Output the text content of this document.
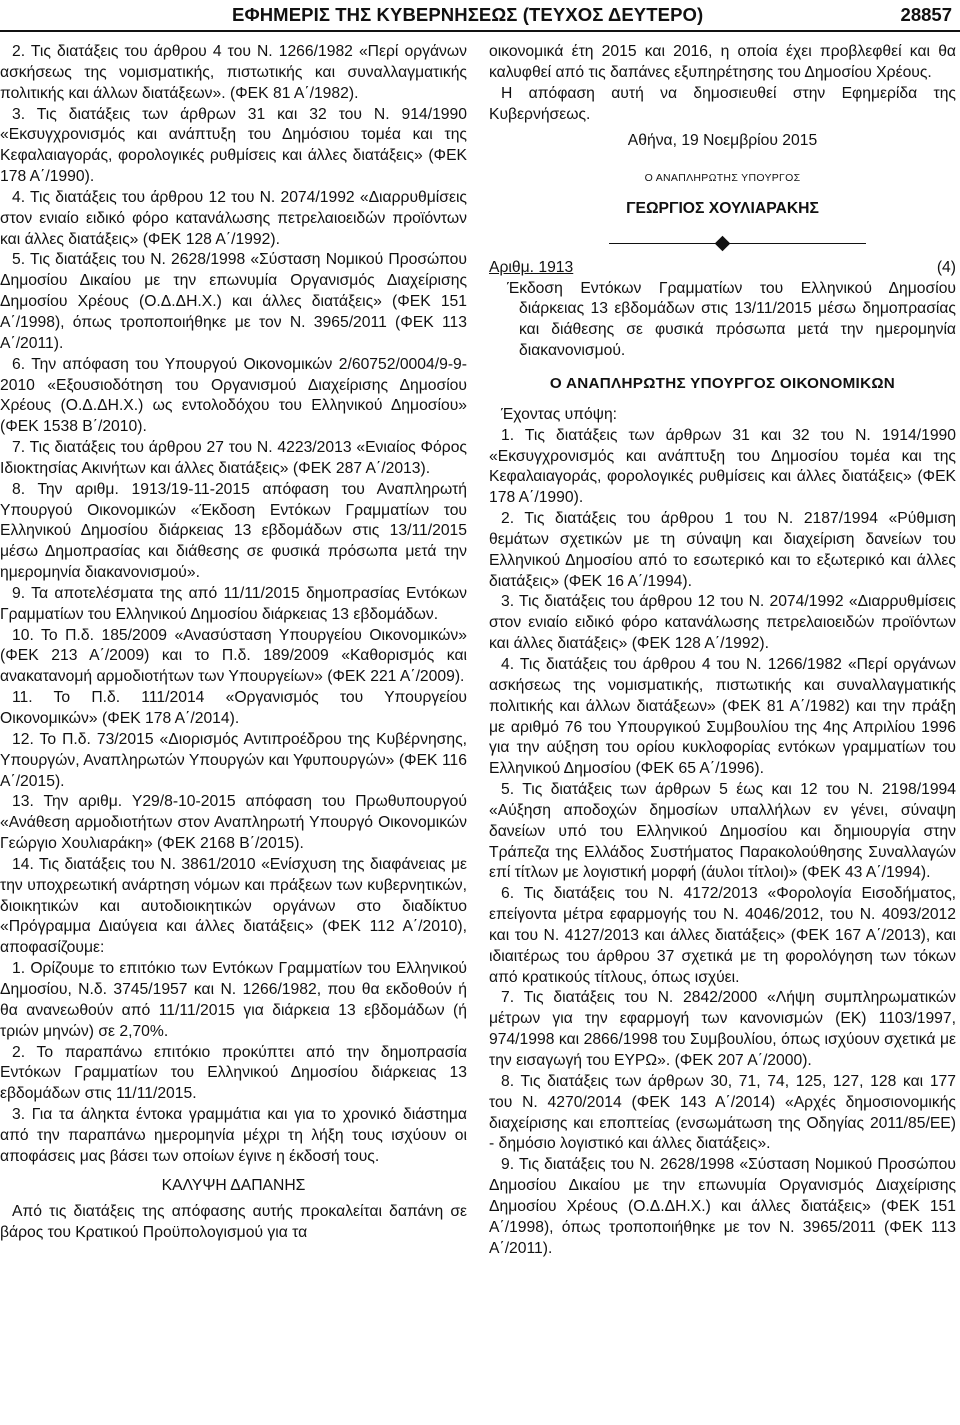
ΕΦΗΜΕΡΙΣ ΤΗΣ ΚΥΒΕΡΝΗΣΕΩΣ (ΤΕΥΧΟΣ ΔΕΥΤΕΡΟ)	28857

2. Τις διατάξεις του άρθρου 4 του Ν. 1266/1982 «Περί οργάνων ασκήσεως της νομισματικής, πιστωτικής και συναλλαγματικής πολιτικής και άλλων διατάξεων». (ΦΕΚ 81 Α΄/1982).

3. Τις διατάξεις των άρθρων 31 και 32 του Ν. 914/1990 «Εκσυγχρονισμός και ανάπτυξη του Δημόσιου τομέα και της Κεφαλαιαγοράς, φορολογικές ρυθμίσεις και άλλες διατάξεις» (ΦΕΚ 178 Α΄/1990).

4. Τις διατάξεις του άρθρου 12 του Ν. 2074/1992 «Διαρρυθμίσεις στον ενιαίο ειδικό φόρο κατανάλωσης πετρελαιοειδών προϊόντων και άλλες διατάξεις» (ΦΕΚ 128 Α΄/1992).

5. Τις διατάξεις του Ν. 2628/1998 «Σύσταση Νομικού Προσώπου Δημοσίου Δικαίου με την επωνυμία Οργανισμός Διαχείρισης Δημοσίου Χρέους (Ο.Δ.ΔΗ.Χ.) και άλλες διατάξεις» (ΦΕΚ 151 Α΄/1998), όπως τροποποιήθηκε με τον Ν. 3965/2011 (ΦΕΚ 113 Α΄/2011).

6. Την απόφαση του Υπουργού Οικονομικών 2/60752/0004/9-9-2010 «Εξουσιοδότηση του Οργανισμού Διαχείρισης Δημοσίου Χρέους (Ο.Δ.ΔΗ.Χ.) ως εντολοδόχου του Ελληνικού Δημοσίου» (ΦΕΚ 1538 Β΄/2010).

7. Τις διατάξεις του άρθρου 27 του Ν. 4223/2013 «Ενιαίος Φόρος Ιδιοκτησίας Ακινήτων και άλλες διατάξεις» (ΦΕΚ 287 Α΄/2013).

8. Την αριθμ. 1913/19-11-2015 απόφαση του Αναπληρωτή Υπουργού Οικονομικών «Έκδοση Εντόκων Γραμματίων του Ελληνικού Δημοσίου διάρκειας 13 εβδομάδων στις 13/11/2015 μέσω Δημοπρασίας και διάθεσης σε φυσικά πρόσωπα μετά την ημερομηνία διακανονισμού».

9. Τα αποτελέσματα της από 11/11/2015 δημοπρασίας Εντόκων Γραμματίων του Ελληνικού Δημοσίου διάρκειας 13 εβδομάδων.

10. Το Π.δ. 185/2009 «Ανασύσταση Υπουργείου Οικονομικών» (ΦΕΚ 213 Α΄/2009) και το Π.δ. 189/2009 «Καθορισμός και ανακατανομή αρμοδιοτήτων των Υπουργείων» (ΦΕΚ 221 Α΄/2009).

11. Το Π.δ. 111/2014 «Οργανισμός του Υπουργείου Οικονομικών» (ΦΕΚ 178 Α΄/2014).

12. Το Π.δ. 73/2015 «Διορισμός Αντιπροέδρου της Κυβέρνησης, Υπουργών, Αναπληρωτών Υπουργών και Υφυπουργών» (ΦΕΚ 116 Α΄/2015).

13. Την αριθμ. Υ29/8-10-2015 απόφαση του Πρωθυπουργού «Ανάθεση αρμοδιοτήτων στον Αναπληρωτή Υπουργό Οικονομικών Γεώργιο Χουλιαράκη» (ΦΕΚ 2168 Β΄/2015).

14. Τις διατάξεις του Ν. 3861/2010 «Ενίσχυση της διαφάνειας με την υποχρεωτική ανάρτηση νόμων και πράξεων των κυβερνητικών, διοικητικών και αυτοδιοικητικών οργάνων στο διαδίκτυο «Πρόγραμμα Διαύγεια και άλλες διατάξεις» (ΦΕΚ 112 Α΄/2010), αποφασίζουμε:

1. Ορίζουμε το επιτόκιο των Εντόκων Γραμματίων του Ελληνικού Δημοσίου, Ν.δ. 3745/1957 και Ν. 1266/1982, που θα εκδοθούν ή θα ανανεωθούν από 11/11/2015 για διάρκεια 13 εβδομάδων (ή τριών μηνών) σε 2,70%.

2. Το παραπάνω επιτόκιο προκύπτει από την δημοπρασία Εντόκων Γραμματίων του Ελληνικού Δημοσίου διάρκειας 13 εβδομάδων στις 11/11/2015.

3. Για τα άληκτα έντοκα γραμμάτια και για το χρονικό διάστημα από την παραπάνω ημερομηνία μέχρι τη λήξη τους ισχύουν οι αποφάσεις μας βάσει των οποίων έγινε η έκδοσή τους.

ΚΑΛΥΨΗ ΔΑΠΑΝΗΣ

Από τις διατάξεις της απόφασης αυτής προκαλείται δαπάνη σε βάρος του Κρατικού Προϋπολογισμού για τα

οικονομικά έτη 2015 και 2016, η οποία έχει προβλεφθεί και θα καλυφθεί από τις δαπάνες εξυπηρέτησης του Δημοσίου Χρέους.

Η απόφαση αυτή να δημοσιευθεί στην Εφημερίδα της Κυβερνήσεως.

Αθήνα, 19 Νοεμβρίου 2015

Ο ΑΝΑΠΛΗΡΩΤΗΣ ΥΠΟΥΡΓΟΣ

ΓΕΩΡΓΙΟΣ ΧΟΥΛΙΑΡΑΚΗΣ

Αριθμ. 1913	(4)

Έκδοση Εντόκων Γραμματίων του Ελληνικού Δημοσίου διάρκειας 13 εβδομάδων στις 13/11/2015 μέσω δημοπρασίας και διάθεσης σε φυσικά πρόσωπα μετά την ημερομηνία διακανονισμού.

Ο ΑΝΑΠΛΗΡΩΤΗΣ ΥΠΟΥΡΓΟΣ ΟΙΚΟΝΟΜΙΚΩΝ

Έχοντας υπόψη:

1. Τις διατάξεις των άρθρων 31 και 32 του Ν. 1914/1990 «Εκσυγχρονισμός και ανάπτυξη του Δημοσίου τομέα και της Κεφαλαιαγοράς, φορολογικές ρυθμίσεις και άλλες διατάξεις» (ΦΕΚ 178 Α΄/1990).

2. Τις διατάξεις του άρθρου 1 του Ν. 2187/1994 «Ρύθμιση θεμάτων σχετικών με τη σύναψη και διαχείριση δανείων του Ελληνικού Δημοσίου από το εσωτερικό και το εξωτερικό και άλλες διατάξεις» (ΦΕΚ 16 Α΄/1994).

3. Τις διατάξεις του άρθρου 12 του Ν. 2074/1992 «Διαρρυθμίσεις στον ενιαίο ειδικό φόρο κατανάλωσης πετρελαιοειδών προϊόντων και άλλες διατάξεις» (ΦΕΚ 128 Α΄/1992).

4. Τις διατάξεις του άρθρου 4 του Ν. 1266/1982 «Περί οργάνων ασκήσεως της νομισματικής, πιστωτικής και συναλλαγματικής πολιτικής και άλλων διατάξεων» (ΦΕΚ 81 Α΄/1982) και την πράξη με αριθμό 76 του Υπουργικού Συμβουλίου της 4ης Απριλίου 1996 για την αύξηση του ορίου κυκλοφορίας εντόκων γραμματίων του Ελληνικού Δημοσίου (ΦΕΚ 65 Α΄/1996).

5. Τις διατάξεις των άρθρων 5 έως και 12 του Ν. 2198/1994 «Αύξηση αποδοχών δημοσίων υπαλλήλων εν γένει, σύναψη δανείων υπό του Ελληνικού Δημοσίου και δημιουργία στην Τράπεζα της Ελλάδος Συστήματος Παρακολούθησης Συναλλαγών επί τίτλων με λογιστική μορφή (άυλοι τίτλοι)» (ΦΕΚ 43 Α΄/1994).

6. Τις διατάξεις του Ν. 4172/2013 «Φορολογία Εισοδήματος, επείγοντα μέτρα εφαρμογής του Ν. 4046/2012, του Ν. 4093/2012 και του Ν. 4127/2013 και άλλες διατάξεις» (ΦΕΚ 167 Α΄/2013), και ιδιαιτέρως του άρθρου 37 σχετικά με τη φορολόγηση των τόκων από κρατικούς τίτλους, όπως ισχύει.

7. Τις διατάξεις του Ν. 2842/2000 «Λήψη συμπληρωματικών μέτρων για την εφαρμογή των κανονισμών (ΕΚ) 1103/1997, 974/1998 και 2866/1998 του Συμβουλίου, όπως ισχύουν σχετικά με την εισαγωγή του ΕΥΡΩ». (ΦΕΚ 207 Α΄/2000).

8. Τις διατάξεις των άρθρων 30, 71, 74, 125, 127, 128 και 177 του Ν. 4270/2014 (ΦΕΚ 143 Α΄/2014) «Αρχές δημοσιονομικής διαχείρισης και εποπτείας (ενσωμάτωση της Οδηγίας 2011/85/ΕΕ) - δημόσιο λογιστικό και άλλες διατάξεις».

9. Τις διατάξεις του Ν. 2628/1998 «Σύσταση Νομικού Προσώπου Δημοσίου Δικαίου με την επωνυμία Οργανισμός Διαχείρισης Δημοσίου Χρέους (Ο.Δ.ΔΗ.Χ.) και άλλες διατάξεις» (ΦΕΚ 151 Α΄/1998), όπως τροποποιήθηκε με τον Ν. 3965/2011 (ΦΕΚ 113 Α΄/2011).
